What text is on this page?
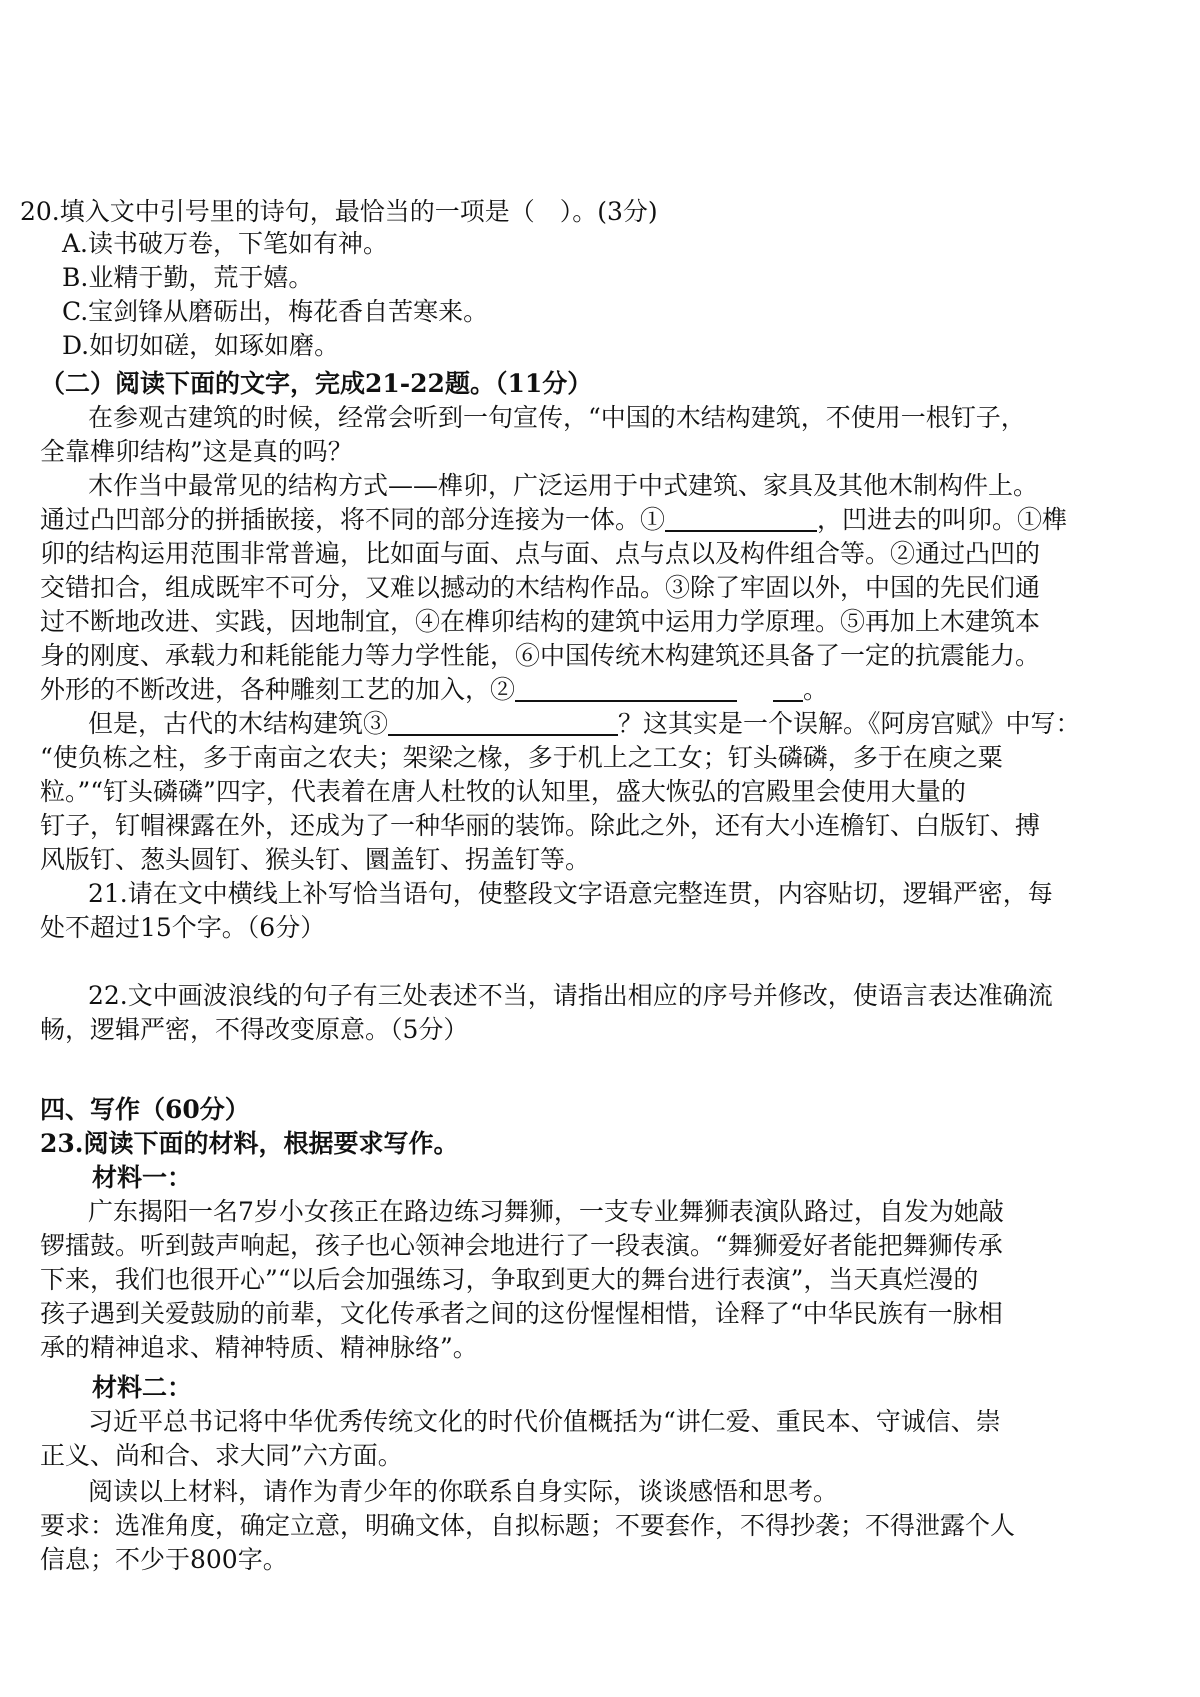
20.填入文中引号里的诗句，最恰当的一项是（　）。(3分)
A.读书破万卷，下笔如有神。
B.业精于勤，荒于嬉。
C.宝剑锋从磨砺出，梅花香自苦寒来。
D.如切如磋，如琢如磨。
（二）阅读下面的文字，完成21-22题。（11分）
在参观古建筑的时候，经常会听到一句宣传，“中国的木结构建筑，不使用一根钉子，
全靠榫卯结构”这是真的吗？
木作当中最常见的结构方式——榫卯，广泛运用于中式建筑、家具及其他木制构件上。
通过凸凹部分的拼插嵌接，将不同的部分连接为一体。①	，凹进去的叫卯。①榫
卯的结构运用范围非常普遍，比如面与面、点与面、点与点以及构件组合等。②通过凸凹的
交错扣合，组成既牢不可分，又难以撼动的木结构作品。③除了牢固以外，中国的先民们通
过不断地改进、实践，因地制宜，④在榫卯结构的建筑中运用力学原理。⑤再加上木建筑本
身的刚度、承载力和耗能能力等力学性能，⑥中国传统木构建筑还具备了一定的抗震能力。
外形的不断改进，各种雕刻工艺的加入，②	。
但是，古代的木结构建筑③	？这其实是一个误解。《阿房宫赋》中写：
“使负栋之柱，多于南亩之农夫；架梁之椽，多于机上之工女；钉头磷磷，多于在庾之粟
粒。”“钉头磷磷”四字，代表着在唐人杜牧的认知里，盛大恢弘的宫殿里会使用大量的
钉子，钉帽裸露在外，还成为了一种华丽的装饰。除此之外，还有大小连檐钉、白版钉、搏
风版钉、葱头圆钉、猴头钉、圜盖钉、拐盖钉等。
21.请在文中横线上补写恰当语句，使整段文字语意完整连贯，内容贴切，逻辑严密，每
处不超过15个字。（6分）
22.文中画波浪线的句子有三处表述不当，请指出相应的序号并修改，使语言表达准确流
畅，逻辑严密，不得改变原意。（5分）
四、写作（60分）
23.阅读下面的材料，根据要求写作。
材料一：
广东揭阳一名7岁小女孩正在路边练习舞狮，一支专业舞狮表演队路过，自发为她敲
锣擂鼓。听到鼓声响起，孩子也心领神会地进行了一段表演。“舞狮爱好者能把舞狮传承
下来，我们也很开心”“以后会加强练习，争取到更大的舞台进行表演”，当天真烂漫的
孩子遇到关爱鼓励的前辈，文化传承者之间的这份惺惺相惜，诠释了“中华民族有一脉相
承的精神追求、精神特质、精神脉络”。
材料二：
习近平总书记将中华优秀传统文化的时代价值概括为“讲仁爱、重民本、守诚信、崇
正义、尚和合、求大同”六方面。
阅读以上材料，请作为青少年的你联系自身实际，谈谈感悟和思考。
要求：选准角度，确定立意，明确文体，自拟标题；不要套作，不得抄袭；不得泄露个人
信息；不少于800字。
